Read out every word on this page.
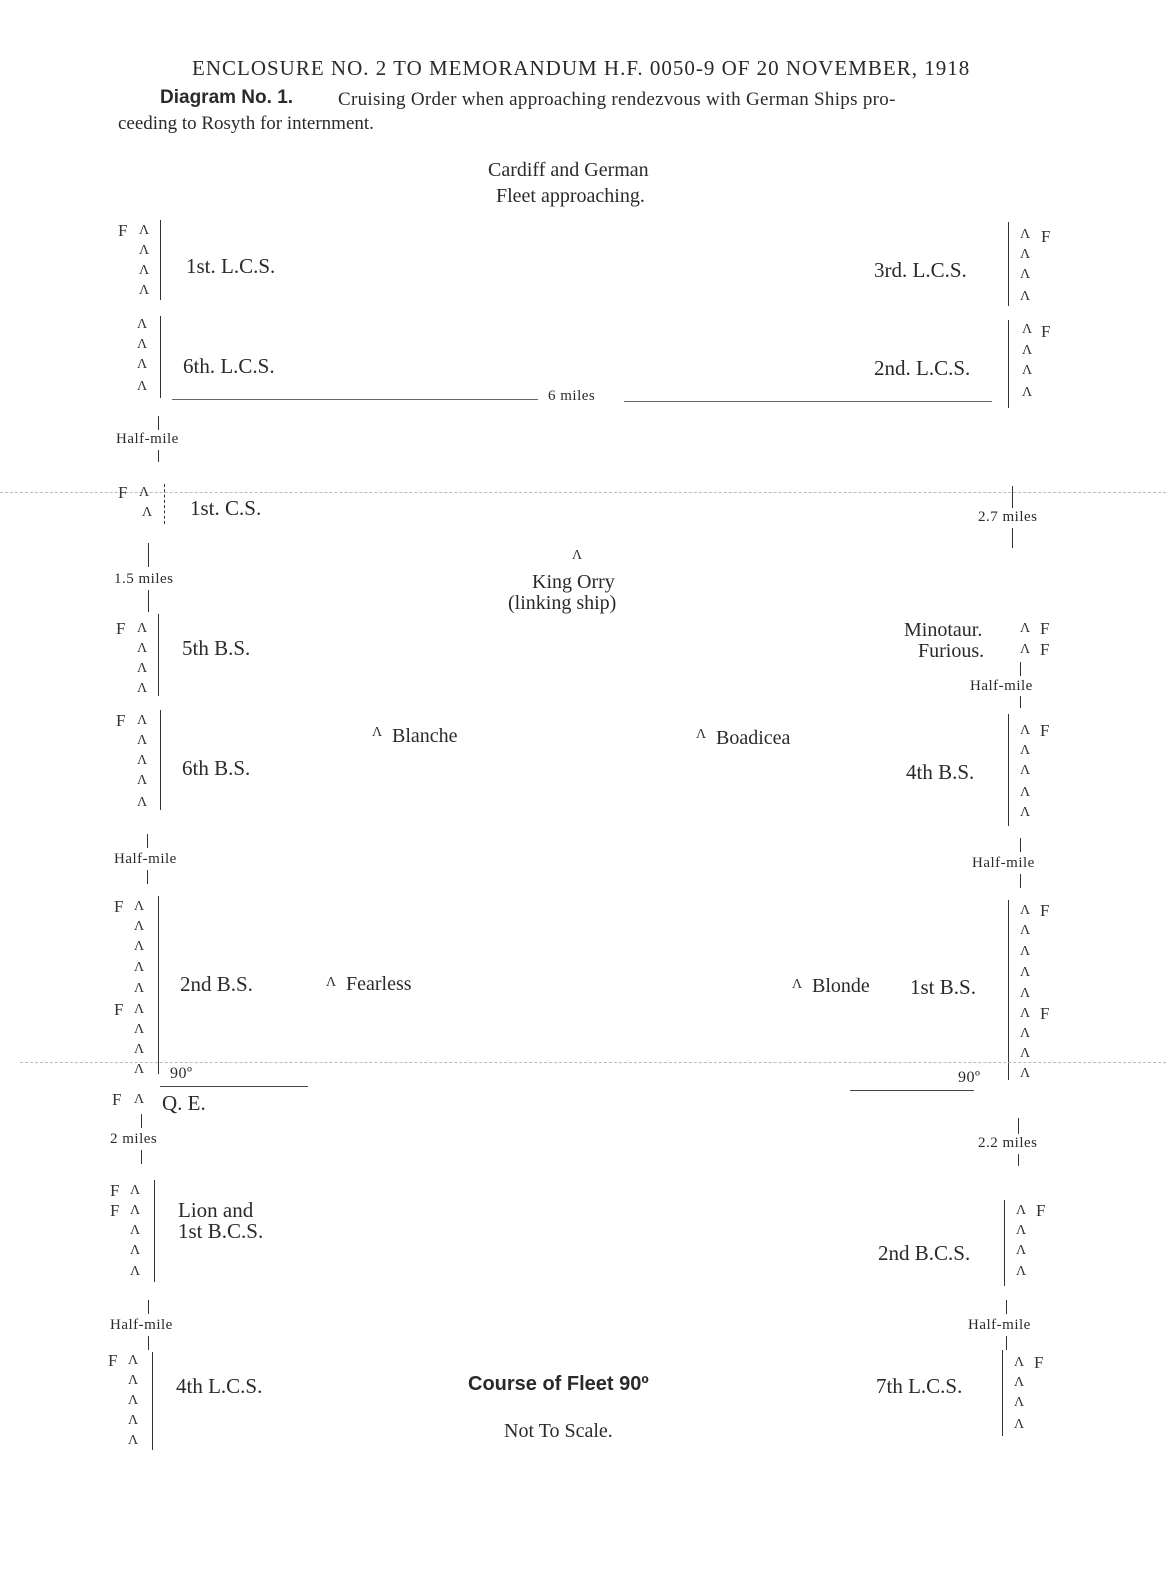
ENCLOSURE NO. 2 TO MEMORANDUM H.F. 0050-9 OF 20 NOVEMBER, 1918
Diagram No. 1. Cruising Order when approaching rendezvous with German Ships pro-
ceeding to Rosyth for internment.
Cardiff and German
Fleet approaching.
F Λ
Λ
Λ
Λ
1st. L.C.S.
Λ F
Λ
Λ
Λ
3rd. L.C.S.
Λ
Λ
Λ
Λ
6th. L.C.S.
Λ F
Λ
Λ
Λ
2nd. L.C.S.
6 miles
Half-mile
F Λ
Λ 1st. C.S.	2.7 miles
1.5 miles
Λ
King Orry
(linking ship)
F Λ
Λ
Λ
Λ
5th B.S.
Minotaur.	Λ F
Furious.	Λ F
Half-mile
F Λ
Λ
Λ
Λ
Λ
6th B.S.
Λ Blanche	Λ Boadicea	Λ F
Λ
Λ
Λ
Λ
4th B.S.
Half-mile	Half-mile
F Λ
Λ
Λ
Λ
Λ
F Λ
Λ
Λ
Λ
2nd B.S.	Λ Fearless	Λ Blonde
Λ F
Λ
Λ
Λ
Λ
Λ F
Λ
Λ
Λ
1st B.S.
90º	90º
F Λ Q. E.
2 miles	2.2 miles
F Λ
F Λ
Λ
Λ
Λ
Lion and
1st B.C.S.
Λ F
Λ
Λ
Λ
2nd B.C.S.
Half-mile	Half-mile
F Λ
Λ
Λ
Λ
Λ
4th L.C.S.	Course of Fleet 90º
Not To Scale.
Λ F
Λ
Λ
Λ
7th L.C.S.
